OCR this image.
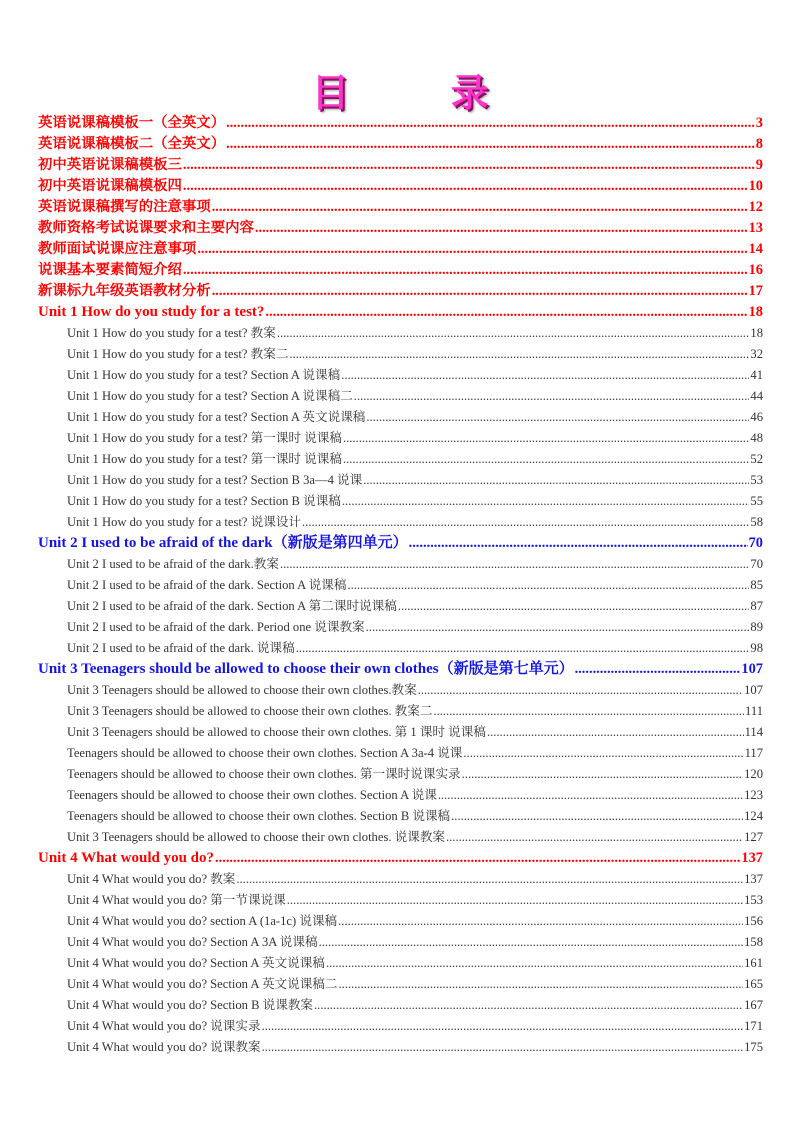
目 录
英语说课稿模板一（全英文） .....	3
英语说课稿模板二（全英文） .....	8
初中英语说课稿模板三 .....	9
初中英语说课稿模板四 .....	10
英语说课稿撰写的注意事项 .....	12
教师资格考试说课要求和主要内容 .....	13
教师面试说课应注意事项 .....	14
说课基本要素简短介绍 .....	16
新课标九年级英语教材分析 .....	17
Unit 1 How do you study for a test? .....	18
Unit 1 How do you study for a test? 教案 .....	18
Unit 1 How do you study for a test? 教案二 .....	32
Unit 1 How do you study for a test? Section A 说课稿 .....	41
Unit 1 How do you study for a test? Section A 说课稿二 .....	44
Unit 1 How do you study for a test? Section A 英文说课稿 .....	46
Unit 1 How do you study for a test? 第一课时 说课稿 .....	48
Unit 1 How do you study for a test? 第一课时 说课稿 .....	52
Unit 1 How do you study for a test? Section B 3a—4 说课 .....	53
Unit 1 How do you study for a test? Section B 说课稿 .....	55
Unit 1 How do you study for a test? 说课设计 .....	58
Unit 2 I used to be afraid of the dark（新版是第四单元） .....	70
Unit 2 I used to be afraid of the dark.教案 .....	70
Unit 2 I used to be afraid of the dark. Section A 说课稿 .....	85
Unit 2 I used to be afraid of the dark. Section A 第二课时说课稿 .....	87
Unit 2 I used to be afraid of the dark. Period one 说课教案 .....	89
Unit 2 I used to be afraid of the dark. 说课稿 .....	98
Unit 3 Teenagers should be allowed to choose their own clothes（新版是第七单元） .....	107
Unit 3 Teenagers should be allowed to choose their own clothes.教案 .....	107
Unit 3 Teenagers should be allowed to choose their own clothes. 教案二 .....	111
Unit 3 Teenagers should be allowed to choose their own clothes. 第 1 课时 说课稿 .....	114
Teenagers should be allowed to choose their own clothes. Section A 3a-4 说课 .....	117
Teenagers should be allowed to choose their own clothes. 第一课时说课实录 .....	120
Teenagers should be allowed to choose their own clothes. Section A 说课 .....	123
Teenagers should be allowed to choose their own clothes. Section B 说课稿 .....	124
Unit 3 Teenagers should be allowed to choose their own clothes. 说课教案 .....	127
Unit 4 What would you do? .....	137
Unit 4 What would you do? 教案 .....	137
Unit 4 What would you do? 第一节课说课 .....	153
Unit 4 What would you do? section A (1a-1c) 说课稿 .....	156
Unit 4 What would you do? Section A 3A 说课稿 .....	158
Unit 4 What would you do? Section A 英文说课稿 .....	161
Unit 4 What would you do? Section A 英文说课稿二 .....	165
Unit 4 What would you do? Section B 说课教案 .....	167
Unit 4 What would you do? 说课实录 .....	171
Unit 4 What would you do? 说课教案 .....	175
